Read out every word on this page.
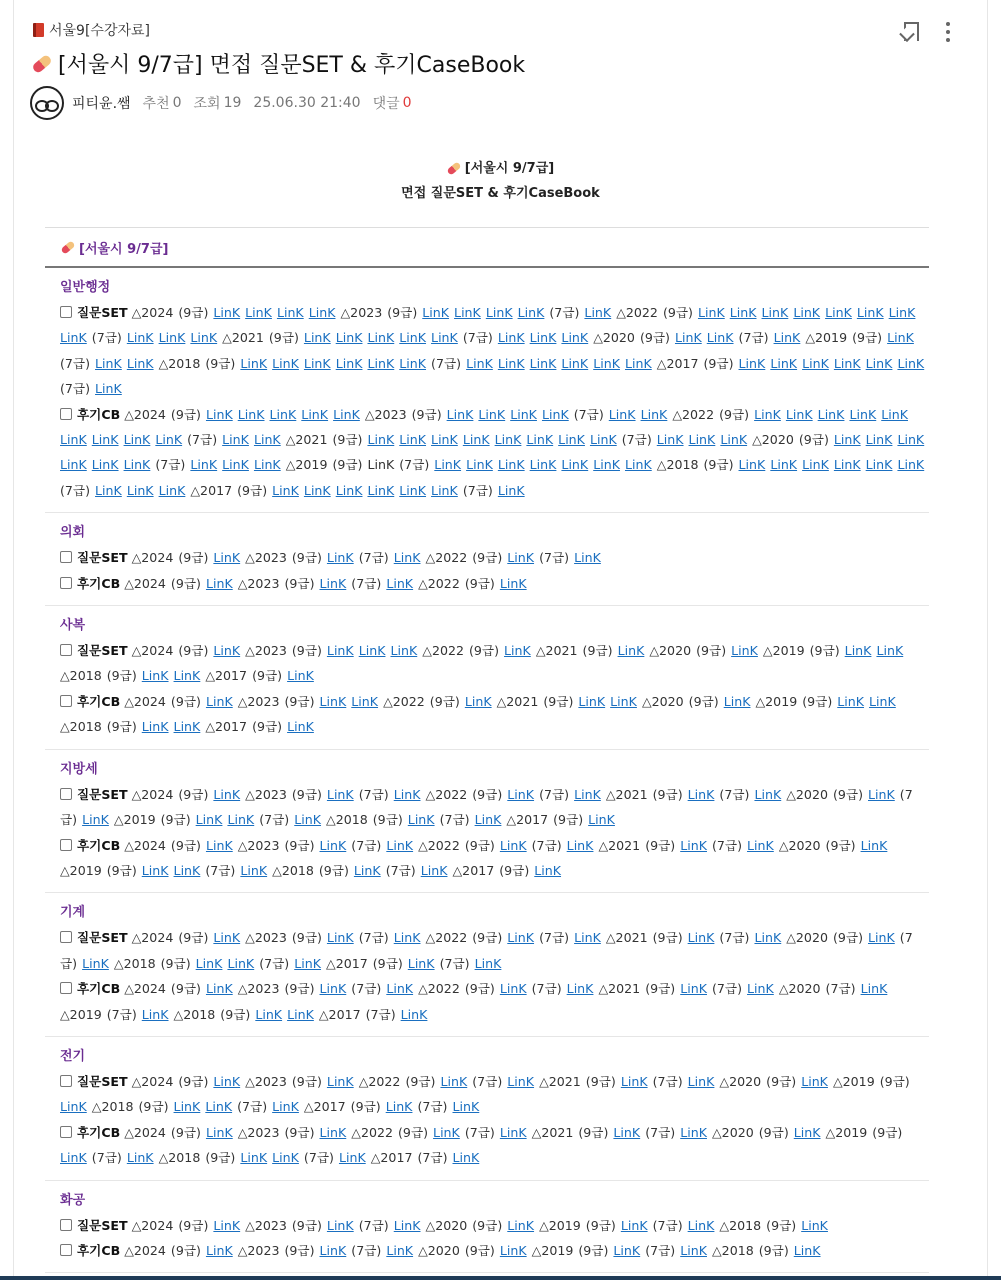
서울9[수강자료]
[서울시 9/7급] 면접 질문SET & 후기CaseBook
피티윤.쌤 추천 0 조회 19 25.06.30 21:40 댓글 0
[서울시 9/7급]
면접 질문SET & 후기CaseBook
[서울시 9/7급]
일반행정
질문SET △2024 (9급) LinK LinK LinK LinK △2023 (9급) LinK LinK LinK LinK (7급) LinK △2022 (9급) LinK LinK LinK LinK LinK LinK LinK LinK (7급) LinK LinK LinK △2021 (9급) LinK LinK LinK LinK LinK (7급) LinK LinK LinK △2020 (9급) LinK LinK (7급) LinK △2019 (9급) LinK (7급) LinK LinK △2018 (9급) LinK LinK LinK LinK LinK LinK (7급) LinK LinK LinK LinK LinK LinK △2017 (9급) LinK LinK LinK LinK LinK LinK (7급) LinK
후기CB △2024 (9급) LinK LinK LinK LinK LinK △2023 (9급) LinK LinK LinK LinK (7급) LinK LinK △2022 (9급) LinK LinK LinK LinK LinK LinK LinK LinK LinK (7급) LinK LinK △2021 (9급) LinK LinK LinK LinK LinK LinK LinK LinK (7급) LinK LinK LinK △2020 (9급) LinK LinK LinK LinK LinK LinK (7급) LinK LinK LinK △2019 (9급) LinK (7급) LinK LinK LinK LinK LinK LinK LinK △2018 (9급) LinK LinK LinK LinK LinK LinK (7급) LinK LinK LinK △2017 (9급) LinK LinK LinK LinK LinK LinK (7급) LinK
의회
질문SET △2024 (9급) LinK △2023 (9급) LinK (7급) LinK △2022 (9급) LinK (7급) LinK
후기CB △2024 (9급) LinK △2023 (9급) LinK (7급) LinK △2022 (9급) LinK
사복
질문SET △2024 (9급) LinK △2023 (9급) LinK LinK LinK △2022 (9급) LinK △2021 (9급) LinK △2020 (9급) LinK △2019 (9급) LinK LinK △2018 (9급) LinK LinK △2017 (9급) LinK
후기CB △2024 (9급) LinK △2023 (9급) LinK LinK △2022 (9급) LinK △2021 (9급) LinK LinK △2020 (9급) LinK △2019 (9급) LinK LinK △2018 (9급) LinK LinK △2017 (9급) LinK
지방세
질문SET △2024 (9급) LinK △2023 (9급) LinK (7급) LinK △2022 (9급) LinK (7급) LinK △2021 (9급) LinK (7급) LinK △2020 (9급) LinK (7급) LinK △2019 (9급) LinK LinK (7급) LinK △2018 (9급) LinK (7급) LinK △2017 (9급) LinK
후기CB △2024 (9급) LinK △2023 (9급) LinK (7급) LinK △2022 (9급) LinK (7급) LinK △2021 (9급) LinK (7급) LinK △2020 (9급) LinK △2019 (9급) LinK LinK (7급) LinK △2018 (9급) LinK (7급) LinK △2017 (9급) LinK
기계
질문SET △2024 (9급) LinK △2023 (9급) LinK (7급) LinK △2022 (9급) LinK (7급) LinK △2021 (9급) LinK (7급) LinK △2020 (9급) LinK (7급) LinK △2018 (9급) LinK LinK (7급) LinK △2017 (9급) LinK (7급) LinK
후기CB △2024 (9급) LinK △2023 (9급) LinK (7급) LinK △2022 (9급) LinK (7급) LinK △2021 (9급) LinK (7급) LinK △2020 (7급) LinK △2019 (7급) LinK △2018 (9급) LinK LinK △2017 (7급) LinK
전기
질문SET △2024 (9급) LinK △2023 (9급) LinK △2022 (9급) LinK (7급) LinK △2021 (9급) LinK (7급) LinK △2020 (9급) LinK △2019 (9급) LinK △2018 (9급) LinK LinK (7급) LinK △2017 (9급) LinK (7급) LinK
후기CB △2024 (9급) LinK △2023 (9급) LinK △2022 (9급) LinK (7급) LinK △2021 (9급) LinK (7급) LinK △2020 (9급) LinK △2019 (9급) LinK (7급) LinK △2018 (9급) LinK LinK (7급) LinK △2017 (7급) LinK
화공
질문SET △2024 (9급) LinK △2023 (9급) LinK (7급) LinK △2020 (9급) LinK △2019 (9급) LinK (7급) LinK △2018 (9급) LinK
후기CB △2024 (9급) LinK △2023 (9급) LinK (7급) LinK △2020 (9급) LinK △2019 (9급) LinK (7급) LinK △2018 (9급) LinK
